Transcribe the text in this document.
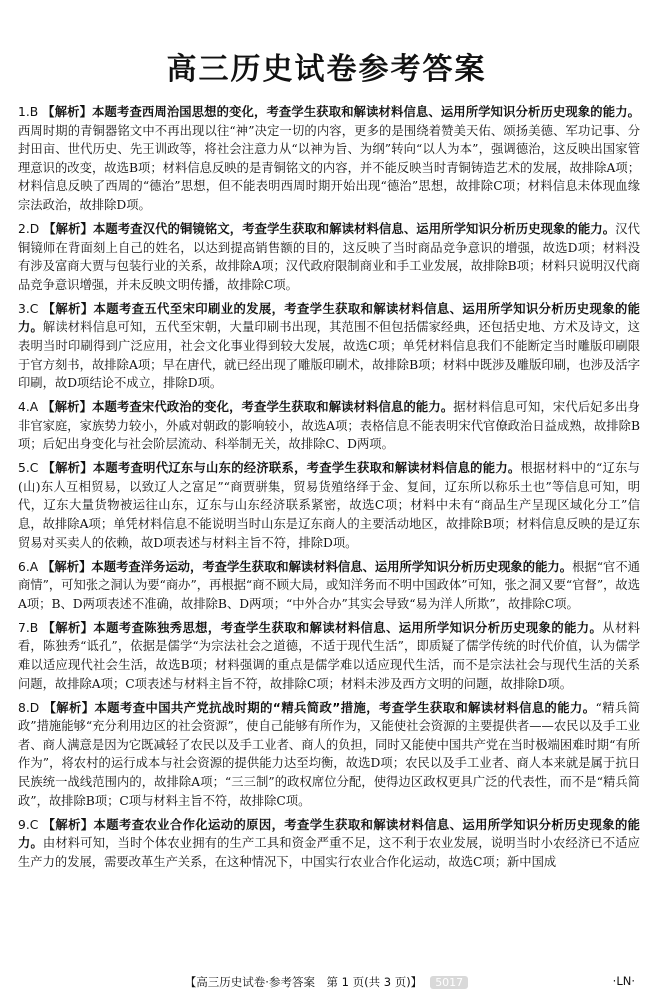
高三历史试卷参考答案
1.B 【解析】本题考查西周治国思想的变化，考查学生获取和解读材料信息、运用所学知识分析历史现象的能力。西周时期的青铜器铭文中不再出现以往“神”决定一切的内容，更多的是围绕着赞美天佑、颂扬美德、军功记事、分封田亩、世代历史、先王训政等，将社会注意力从“以神为旨、为纲”转向“以人为本”，强调德治，这反映出国家管理意识的改变，故选B项；材料信息反映的是青铜铭文的内容，并不能反映当时青铜铸造艺术的发展，故排除A项；材料信息反映了西周的“德治”思想，但不能表明西周时期开始出现“德治”思想，故排除C项；材料信息未体现血缘宗法政治，故排除D项。
2.D 【解析】本题考查汉代的铜镜铭文，考查学生获取和解读材料信息、运用所学知识分析历史现象的能力。汉代铜镜师在背面刻上自己的姓名，以达到提高销售额的目的，这反映了当时商品竞争意识的增强，故选D项；材料没有涉及富商大贾与包装行业的关系，故排除A项；汉代政府限制商业和手工业发展，故排除B项；材料只说明汉代商品竞争意识增强，并未反映文明传播，故排除C项。
3.C 【解析】本题考查五代至宋印刷业的发展，考查学生获取和解读材料信息、运用所学知识分析历史现象的能力。解读材料信息可知，五代至宋朝，大量印刷书出现，其范围不但包括儒家经典，还包括史地、方术及诗文，这表明当时印刷得到广泛应用，社会文化事业得到较大发展，故选C项；单凭材料信息我们不能断定当时雕版印刷限于官方刻书，故排除A项；早在唐代，就已经出现了雕版印刷术，故排除B项；材料中既涉及雕版印刷，也涉及活字印刷，故D项结论不成立，排除D项。
4.A 【解析】本题考查宋代政治的变化，考查学生获取和解读材料信息的能力。据材料信息可知，宋代后妃多出身非官家庭，家族势力较小，外戚对朝政的影响较小，故选A项；表格信息不能表明宋代官僚政治日益成熟，故排除B项；后妃出身变化与社会阶层流动、科举制无关，故排除C、D两项。
5.C 【解析】本题考查明代辽东与山东的经济联系，考查学生获取和解读材料信息的能力。根据材料中的“辽东与(山)东人互相贸易，以致辽人之富足”“商贾骈集，贸易货殖络绎于金、复间，辽东所以称乐土也”等信息可知，明代，辽东大量货物被运往山东，辽东与山东经济联系紧密，故选C项；材料中未有“商品生产呈现区域化分工”信息，故排除A项；单凭材料信息不能说明当时山东是辽东商人的主要活动地区，故排除B项；材料信息反映的是辽东贸易对买卖人的依赖，故D项表述与材料主旨不符，排除D项。
6.A 【解析】本题考查洋务运动，考查学生获取和解读材料信息、运用所学知识分析历史现象的能力。根据“官不通商情”，可知张之洞认为要“商办”，再根据“商不顾大局，或知洋务而不明中国政体”可知，张之洞又要“官督”，故选A项；B、D两项表述不准确，故排除B、D两项；“中外合办”其实会导致“易为洋人所欺”，故排除C项。
7.B 【解析】本题考查陈独秀思想，考查学生获取和解读材料信息、运用所学知识分析历史现象的能力。从材料看，陈独秀“诋孔”，依据是儒学“为宗法社会之道德，不适于现代生活”，即质疑了儒学传统的时代价值，认为儒学难以适应现代社会生活，故选B项；材料强调的重点是儒学难以适应现代生活，而不是宗法社会与现代生活的关系问题，故排除A项；C项表述与材料主旨不符，故排除C项；材料未涉及西方文明的问题，故排除D项。
8.D 【解析】本题考查中国共产党抗战时期的“精兵简政”措施，考查学生获取和解读材料信息的能力。“精兵简政”措施能够“充分利用边区的社会资源”，使自己能够有所作为，又能使社会资源的主要提供者——农民以及手工业者、商人满意是因为它既减轻了农民以及手工业者、商人的负担，同时又能使中国共产党在当时极端困难时期“有所作为”，将农村的运行成本与社会资源的提供能力达至均衡，故选D项；农民以及手工业者、商人本来就是属于抗日民族统一战线范围内的，故排除A项；“三三制”的政权席位分配，使得边区政权更具广泛的代表性，而不是“精兵简政”，故排除B项；C项与材料主旨不符，故排除C项。
9.C 【解析】本题考查农业合作化运动的原因，考查学生获取和解读材料信息、运用所学知识分析历史现象的能力。由材料可知，当时个体农业拥有的生产工具和资金严重不足，这不利于农业发展，说明当时小农经济已不适应生产力的发展，需要改革生产关系，在这种情况下，中国实行农业合作化运动，故选C项；新中国成
【高三历史试卷·参考答案　第 1 页(共 3 页)】 5017	·LN·
